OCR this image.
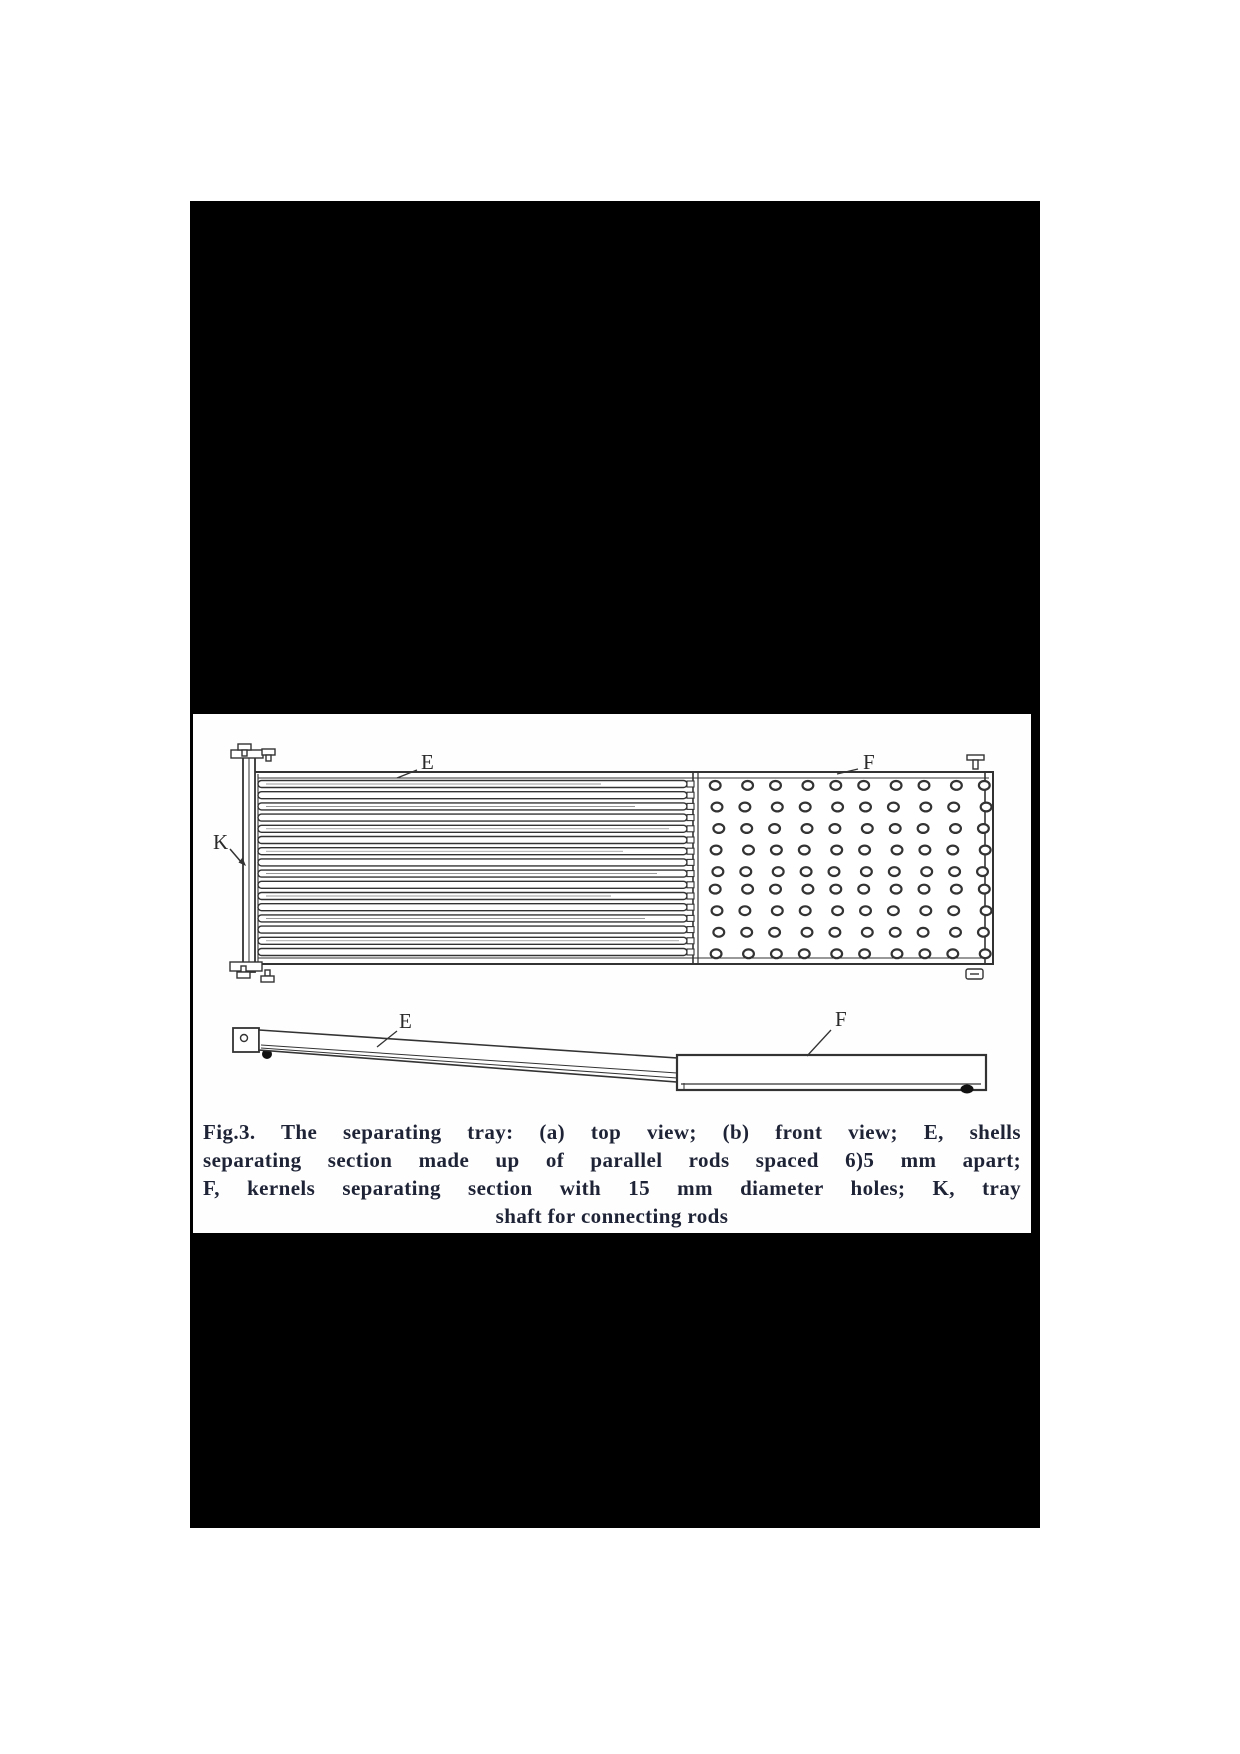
E	F
K
E	F
Fig.3. The separating tray: (a) top view; (b) front view; E, shells
separating section made up of parallel rods spaced 6)5 mm apart;
F, kernels separating section with 15 mm diameter holes; K, tray
shaft for connecting rods
